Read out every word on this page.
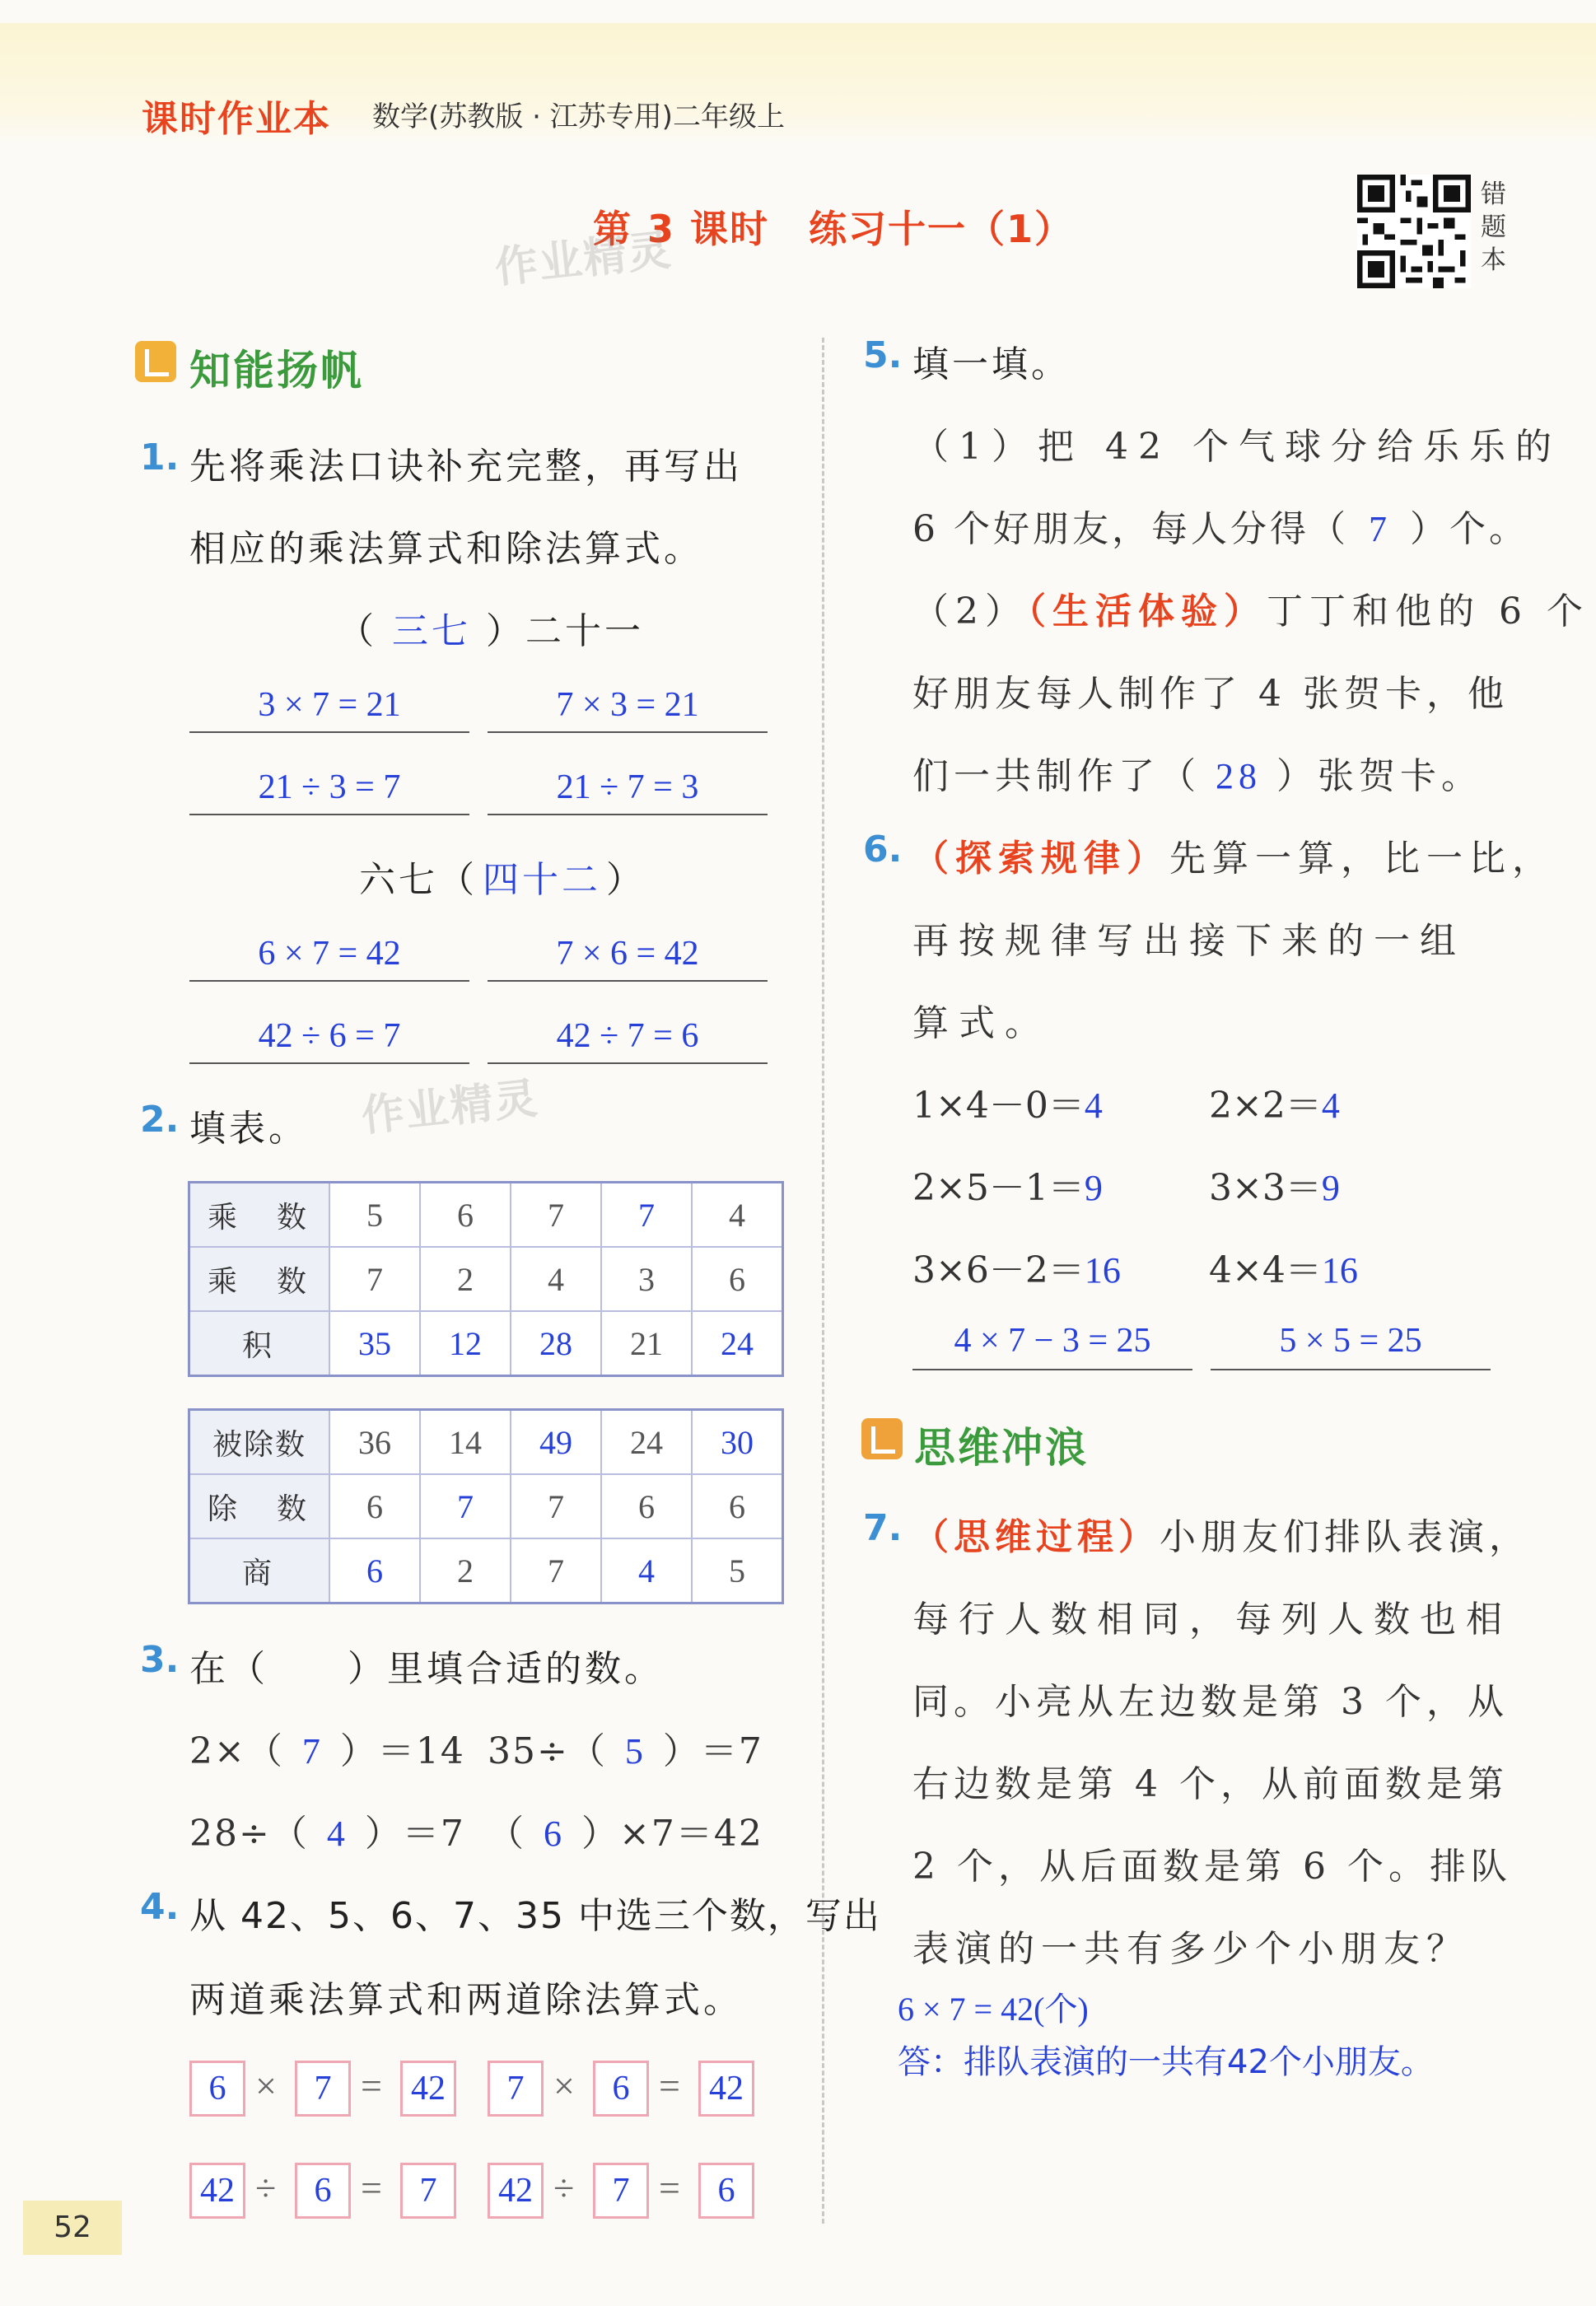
课时作业本 数学(苏教版 · 江苏专用)二年级上
第 3 课时　练习十一（1）
作业精灵
作业精灵
错题本
知能扬帆
1. 先将乘法口诀补充完整，再写出
相应的乘法算式和除法算式。
（ 三七 ）二十一
3 × 7 = 21	7 × 3 = 21
21 ÷ 3 = 7	21 ÷ 7 = 3
六七（ 四十二 ）
6 × 7 = 42	7 × 6 = 42
42 ÷ 6 = 7	42 ÷ 7 = 6
2. 填表。
乘　数	5	6	7	7	4
乘　数	7	2	4	3	6
积	35	12	28	21	24
被除数	36	14	49	24	30
除　数	6	7	7	6	6
商	6	2	7	4	5
3. 在（　　）里填合适的数。
2×（ 7 ）＝14 35÷（ 5 ）＝7
28÷（ 4 ）＝7 （ 6 ）×7＝42
4. 从 42、5、6、7、35 中选三个数，写出
两道乘法算式和两道除法算式。
6 ×	7 = 42	7 ×	6 = 42
42 ÷	6 =	7	42 ÷	7 =	6
5. 填一填。
（1）把 42 个气球分给乐乐的
6 个好朋友，每人分得（ 7 ）个。
（2）（生活体验）丁丁和他的 6 个
好朋友每人制作了 4 张贺卡，他
们一共制作了（ 28 ）张贺卡。
6. （探索规律）先算一算，比一比，
再按规律写出接下来的一组
算式。
1×4－0＝4	2×2＝4
2×5－1＝9	3×3＝9
3×6－2＝16 4×4＝16
4 × 7 − 3 = 25	5 × 5 = 25
思维冲浪
7. （思维过程）小朋友们排队表演，
每行人数相同，每列人数也相
同。小亮从左边数是第 3 个，从
右边数是第 4 个，从前面数是第
2 个，从后面数是第 6 个。排队
表演的一共有多少个小朋友？
6 × 7 = 42(个)
答：排队表演的一共有42个小朋友。
52
